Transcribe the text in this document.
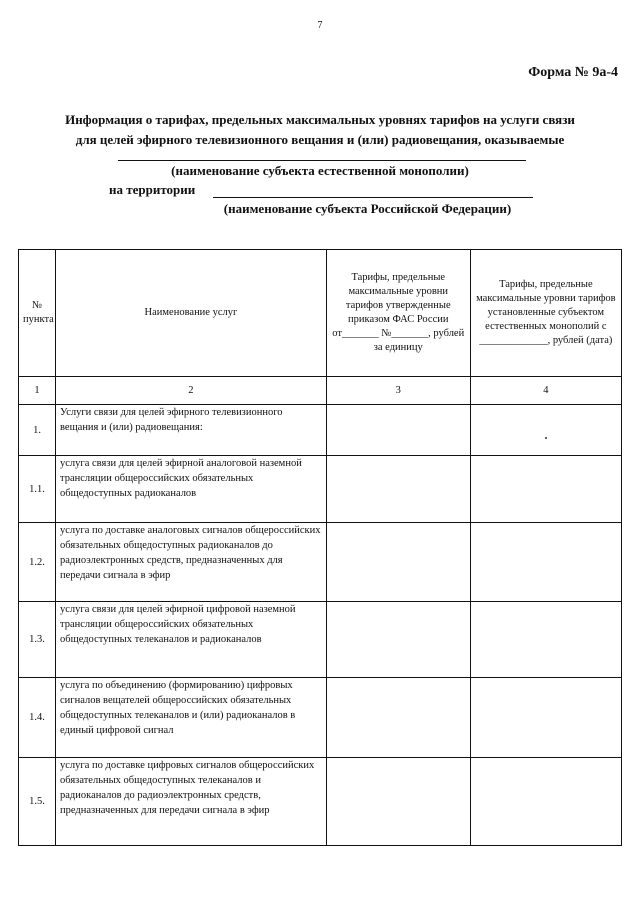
7
Форма № 9а-4
Информация о тарифах, предельных максимальных уровнях тарифов на услуги связи
для целей эфирного телевизионного вещания и (или) радиовещания, оказываемые
(наименование субъекта естественной монополии)
на территории
(наименование субъекта Российской Федерации)
№ пункта	Наименование услуг	Тарифы, предельные максимальные уровни тарифов утвержденные приказом ФАС России от_______ №_______, рублей за единицу	Тарифы, предельные максимальные уровни тарифов установленные субъектом естественных монополий с _____________, рублей (дата)
1	2	3	4
1.	Услуги связи для целей эфирного телевизионного вещания и (или) радиовещания:		
1.1.	услуга связи для целей эфирной аналоговой наземной трансляции общероссийских обязательных общедоступных радиоканалов		
1.2.	услуга по доставке аналоговых сигналов общероссийских обязательных общедоступных радиоканалов до радиоэлектронных средств, предназначенных для передачи сигнала в эфир		
1.3.	услуга связи для целей эфирной цифровой наземной трансляции общероссийских обязательных общедоступных телеканалов и радиоканалов		
1.4.	услуга по объединению (формированию) цифровых сигналов вещателей общероссийских обязательных общедоступных телеканалов и (или) радиоканалов в единый цифровой сигнал		
1.5.	услуга по доставке цифровых сигналов общероссийских обязательных общедоступных телеканалов и радиоканалов до радиоэлектронных средств, предназначенных для передачи сигнала в эфир		
